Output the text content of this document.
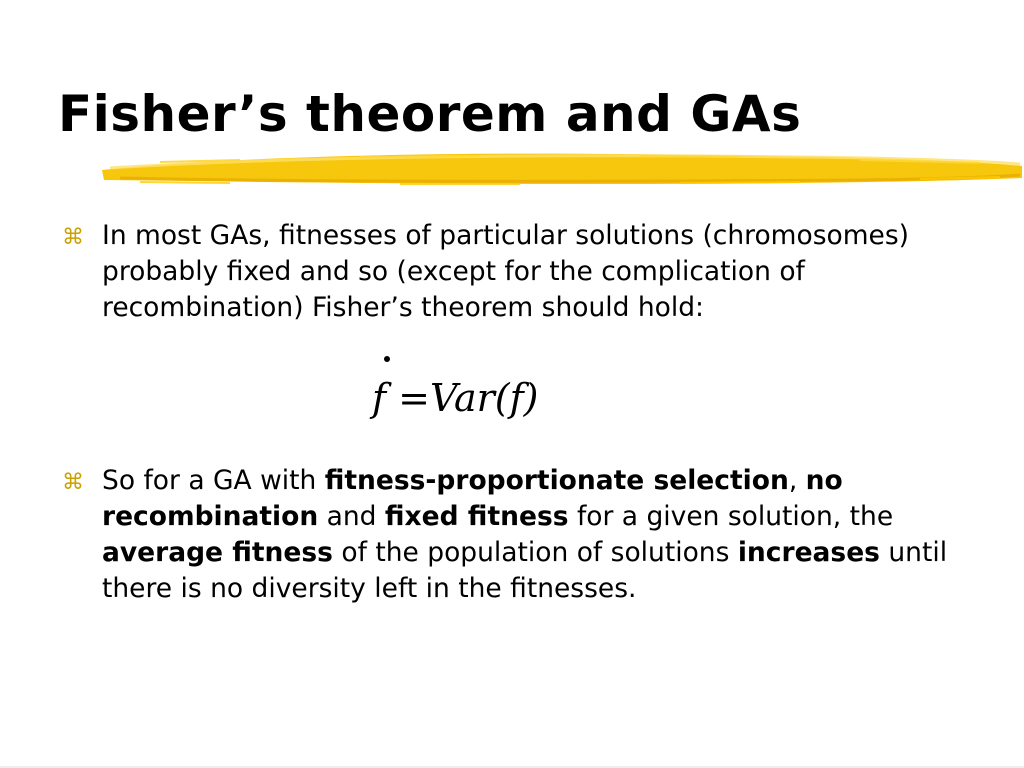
Fisher’s theorem and GAs
⌘ In most GAs, fitnesses of particular solutions (chromosomes) probably fixed and so (except for the complication of recombination) Fisher’s theorem should hold:
f =Var(f)
⌘ So for a GA with fitness-proportionate selection, no recombination and fixed fitness for a given solution, the average fitness of the population of solutions increases until there is no diversity left in the fitnesses.
